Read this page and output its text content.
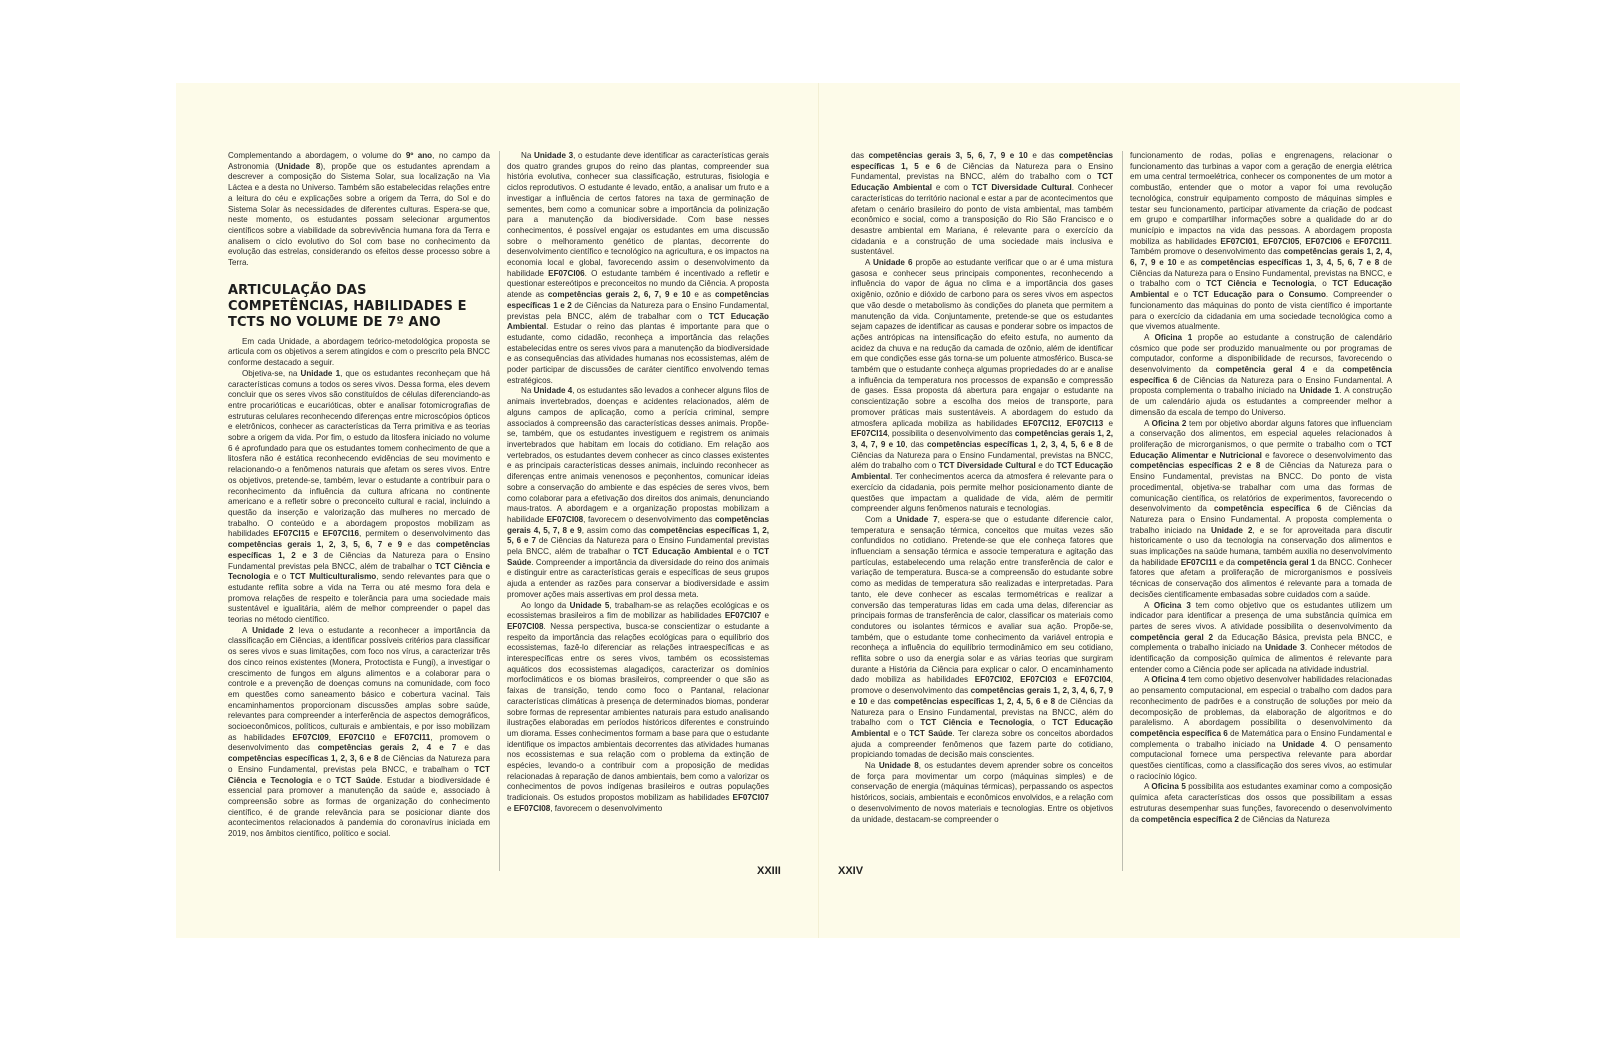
Complementando a abordagem, o volume do 9º ano, no campo da Astronomia (Unidade 8), propõe que os estudantes aprendam a descrever a composição do Sistema Solar, sua localização na Via Láctea e a desta no Universo. Também são estabelecidas relações entre a leitura do céu e explicações sobre a origem da Terra, do Sol e do Sistema Solar às necessidades de diferentes culturas. Espera-se que, neste momento, os estudantes possam selecionar argumentos científicos sobre a viabilidade da sobrevivência humana fora da Terra e analisem o ciclo evolutivo do Sol com base no conhecimento da evolução das estrelas, considerando os efeitos desse processo sobre a Terra.

ARTICULAÇÃO DAS COMPETÊNCIAS, HABILIDADES E TCTS NO VOLUME DE 7º ANO

Em cada Unidade, a abordagem teórico-metodológica proposta se articula com os objetivos a serem atingidos e com o prescrito pela BNCC conforme destacado a seguir.

Objetiva-se, na Unidade 1, que os estudantes reconheçam que há características comuns a todos os seres vivos. Dessa forma, eles devem concluir que os seres vivos são constituídos de células diferenciando-as entre procarióticas e eucarióticas, obter e analisar fotomicrografias de estruturas celulares reconhecendo diferenças entre microscópios ópticos e eletrônicos, conhecer as características da Terra primitiva e as teorias sobre a origem da vida. Por fim, o estudo da litosfera iniciado no volume 6 é aprofundado para que os estudantes tomem conhecimento de que a litosfera não é estática reconhecendo evidências de seu movimento e relacionando-o a fenômenos naturais que afetam os seres vivos. Entre os objetivos, pretende-se, também, levar o estudante a contribuir para o reconhecimento da influência da cultura africana no continente americano e a refletir sobre o preconceito cultural e racial, incluindo a questão da inserção e valorização das mulheres no mercado de trabalho. O conteúdo e a abordagem propostos mobilizam as habilidades EF07CI15 e EF07CI16, permitem o desenvolvimento das competências gerais 1, 2, 3, 5, 6, 7 e 9 e das competências específicas 1, 2 e 3 de Ciências da Natureza para o Ensino Fundamental previstas pela BNCC, além de trabalhar o TCT Ciência e Tecnologia e o TCT Multiculturalismo, sendo relevantes para que o estudante reflita sobre a vida na Terra ou até mesmo fora dela e promova relações de respeito e tolerância para uma sociedade mais sustentável e igualitária, além de melhor compreender o papel das teorias no método científico.

A Unidade 2 leva o estudante a reconhecer a importância da classificação em Ciências, a identificar possíveis critérios para classificar os seres vivos e suas limitações, com foco nos vírus, a caracterizar três dos cinco reinos existentes (Monera, Protoctista e Fungi), a investigar o crescimento de fungos em alguns alimentos e a colaborar para o controle e a prevenção de doenças comuns na comunidade, com foco em questões como saneamento básico e cobertura vacinal. Tais encaminhamentos proporcionam discussões amplas sobre saúde, relevantes para compreender a interferência de aspectos demográficos, socioeconômicos, políticos, culturais e ambientais, e por isso mobilizam as habilidades EF07CI09, EF07CI10 e EF07CI11, promovem o desenvolvimento das competências gerais 2, 4 e 7 e das competências específicas 1, 2, 3, 6 e 8 de Ciências da Natureza para o Ensino Fundamental, previstas pela BNCC, e trabalham o TCT Ciência e Tecnologia e o TCT Saúde. Estudar a biodiversidade é essencial para promover a manutenção da saúde e, associado à compreensão sobre as formas de organização do conhecimento científico, é de grande relevância para se posicionar diante dos acontecimentos relacionados à pandemia do coronavírus iniciada em 2019, nos âmbitos científico, político e social.

Na Unidade 3, o estudante deve identificar as características gerais dos quatro grandes grupos do reino das plantas, compreender sua história evolutiva, conhecer sua classificação, estruturas, fisiologia e ciclos reprodutivos. O estudante é levado, então, a analisar um fruto e a investigar a influência de certos fatores na taxa de germinação de sementes, bem como a comunicar sobre a importância da polinização para a manutenção da biodiversidade. Com base nesses conhecimentos, é possível engajar os estudantes em uma discussão sobre o melhoramento genético de plantas, decorrente do desenvolvimento científico e tecnológico na agricultura, e os impactos na economia local e global, favorecendo assim o desenvolvimento da habilidade EF07CI06. O estudante também é incentivado a refletir e questionar estereótipos e preconceitos no mundo da Ciência. A proposta atende as competências gerais 2, 6, 7, 9 e 10 e as competências específicas 1 e 2 de Ciências da Natureza para o Ensino Fundamental, previstas pela BNCC, além de trabalhar com o TCT Educação Ambiental. Estudar o reino das plantas é importante para que o estudante, como cidadão, reconheça a importância das relações estabelecidas entre os seres vivos para a manutenção da biodiversidade e as consequências das atividades humanas nos ecossistemas, além de poder participar de discussões de caráter científico envolvendo temas estratégicos.

Na Unidade 4, os estudantes são levados a conhecer alguns filos de animais invertebrados, doenças e acidentes relacionados, além de alguns campos de aplicação, como a perícia criminal, sempre associados à compreensão das características desses animais. Propõe-se, também, que os estudantes investiguem e registrem os animais invertebrados que habitam em locais do cotidiano. Em relação aos vertebrados, os estudantes devem conhecer as cinco classes existentes e as principais características desses animais, incluindo reconhecer as diferenças entre animais venenosos e peçonhentos, comunicar ideias sobre a conservação do ambiente e das espécies de seres vivos, bem como colaborar para a efetivação dos direitos dos animais, denunciando maus-tratos. A abordagem e a organização propostas mobilizam a habilidade EF07CI08, favorecem o desenvolvimento das competências gerais 4, 5, 7, 8 e 9, assim como das competências específicas 1, 2, 5, 6 e 7 de Ciências da Natureza para o Ensino Fundamental previstas pela BNCC, além de trabalhar o TCT Educação Ambiental e o TCT Saúde. Compreender a importância da diversidade do reino dos animais e distinguir entre as características gerais e específicas de seus grupos ajuda a entender as razões para conservar a biodiversidade e assim promover ações mais assertivas em prol dessa meta.

Ao longo da Unidade 5, trabalham-se as relações ecológicas e os ecossistemas brasileiros a fim de mobilizar as habilidades EF07CI07 e EF07CI08. Nessa perspectiva, busca-se conscientizar o estudante a respeito da importância das relações ecológicas para o equilíbrio dos ecossistemas, fazê-lo diferenciar as relações intraespecíficas e as interespecíficas entre os seres vivos, também os ecossistemas aquáticos dos ecossistemas alagadiços, caracterizar os domínios morfoclimáticos e os biomas brasileiros, compreender o que são as faixas de transição, tendo como foco o Pantanal, relacionar características climáticas à presença de determinados biomas, ponderar sobre formas de representar ambientes naturais para estudo analisando ilustrações elaboradas em períodos históricos diferentes e construindo um diorama. Esses conhecimentos formam a base para que o estudante identifique os impactos ambientais decorrentes das atividades humanas nos ecossistemas e sua relação com o problema da extinção de espécies, levando-o a contribuir com a proposição de medidas relacionadas à reparação de danos ambientais, bem como a valorizar os conhecimentos de povos indígenas brasileiros e outras populações tradicionais. Os estudos propostos mobilizam as habilidades EF07CI07 e EF07CI08, favorecem o desenvolvimento

das competências gerais 3, 5, 6, 7, 9 e 10 e das competências específicas 1, 5 e 6 de Ciências da Natureza para o Ensino Fundamental, previstas na BNCC, além do trabalho com o TCT Educação Ambiental e com o TCT Diversidade Cultural. Conhecer características do território nacional e estar a par de acontecimentos que afetam o cenário brasileiro do ponto de vista ambiental, mas também econômico e social, como a transposição do Rio São Francisco e o desastre ambiental em Mariana, é relevante para o exercício da cidadania e a construção de uma sociedade mais inclusiva e sustentável.

A Unidade 6 propõe ao estudante verificar que o ar é uma mistura gasosa e conhecer seus principais componentes, reconhecendo a influência do vapor de água no clima e a importância dos gases oxigênio, ozônio e dióxido de carbono para os seres vivos em aspectos que vão desde o metabolismo às condições do planeta que permitem a manutenção da vida. Conjuntamente, pretende-se que os estudantes sejam capazes de identificar as causas e ponderar sobre os impactos de ações antrópicas na intensificação do efeito estufa, no aumento da acidez da chuva e na redução da camada de ozônio, além de identificar em que condições esse gás torna-se um poluente atmosférico. Busca-se também que o estudante conheça algumas propriedades do ar e analise a influência da temperatura nos processos de expansão e compressão de gases. Essa proposta dá abertura para engajar o estudante na conscientização sobre a escolha dos meios de transporte, para promover práticas mais sustentáveis. A abordagem do estudo da atmosfera aplicada mobiliza as habilidades EF07CI12, EF07CI13 e EF07CI14, possibilita o desenvolvimento das competências gerais 1, 2, 3, 4, 7, 9 e 10, das competências específicas 1, 2, 3, 4, 5, 6 e 8 de Ciências da Natureza para o Ensino Fundamental, previstas na BNCC, além do trabalho com o TCT Diversidade Cultural e do TCT Educação Ambiental. Ter conhecimentos acerca da atmosfera é relevante para o exercício da cidadania, pois permite melhor posicionamento diante de questões que impactam a qualidade de vida, além de permitir compreender alguns fenômenos naturais e tecnologias.

Com a Unidade 7, espera-se que o estudante diferencie calor, temperatura e sensação térmica, conceitos que muitas vezes são confundidos no cotidiano. Pretende-se que ele conheça fatores que influenciam a sensação térmica e associe temperatura e agitação das partículas, estabelecendo uma relação entre transferência de calor e variação de temperatura. Busca-se a compreensão do estudante sobre como as medidas de temperatura são realizadas e interpretadas. Para tanto, ele deve conhecer as escalas termométricas e realizar a conversão das temperaturas lidas em cada uma delas, diferenciar as principais formas de transferência de calor, classificar os materiais como condutores ou isolantes térmicos e avaliar sua ação. Propõe-se, também, que o estudante tome conhecimento da variável entropia e reconheça a influência do equilíbrio termodinâmico em seu cotidiano, reflita sobre o uso da energia solar e as várias teorias que surgiram durante a História da Ciência para explicar o calor. O encaminhamento dado mobiliza as habilidades EF07CI02, EF07CI03 e EF07CI04, promove o desenvolvimento das competências gerais 1, 2, 3, 4, 6, 7, 9 e 10 e das competências específicas 1, 2, 4, 5, 6 e 8 de Ciências da Natureza para o Ensino Fundamental, previstas na BNCC, além do trabalho com o TCT Ciência e Tecnologia, o TCT Educação Ambiental e o TCT Saúde. Ter clareza sobre os conceitos abordados ajuda a compreender fenômenos que fazem parte do cotidiano, propiciando tomadas de decisão mais conscientes.

Na Unidade 8, os estudantes devem aprender sobre os conceitos de força para movimentar um corpo (máquinas simples) e de conservação de energia (máquinas térmicas), perpassando os aspectos históricos, sociais, ambientais e econômicos envolvidos, e a relação com o desenvolvimento de novos materiais e tecnologias. Entre os objetivos da unidade, destacam-se compreender o

funcionamento de rodas, polias e engrenagens, relacionar o funcionamento das turbinas a vapor com a geração de energia elétrica em uma central termoelétrica, conhecer os componentes de um motor a combustão, entender que o motor a vapor foi uma revolução tecnológica, construir equipamento composto de máquinas simples e testar seu funcionamento, participar ativamente da criação de podcast em grupo e compartilhar informações sobre a qualidade do ar do município e impactos na vida das pessoas. A abordagem proposta mobiliza as habilidades EF07CI01, EF07CI05, EF07CI06 e EF07CI11. Também promove o desenvolvimento das competências gerais 1, 2, 4, 6, 7, 9 e 10 e as competências específicas 1, 3, 4, 5, 6, 7 e 8 de Ciências da Natureza para o Ensino Fundamental, previstas na BNCC, e o trabalho com o TCT Ciência e Tecnologia, o TCT Educação Ambiental e o TCT Educação para o Consumo. Compreender o funcionamento das máquinas do ponto de vista científico é importante para o exercício da cidadania em uma sociedade tecnológica como a que vivemos atualmente.

A Oficina 1 propõe ao estudante a construção de calendário cósmico que pode ser produzido manualmente ou por programas de computador, conforme a disponibilidade de recursos, favorecendo o desenvolvimento da competência geral 4 e da competência específica 6 de Ciências da Natureza para o Ensino Fundamental. A proposta complementa o trabalho iniciado na Unidade 1. A construção de um calendário ajuda os estudantes a compreender melhor a dimensão da escala de tempo do Universo.

A Oficina 2 tem por objetivo abordar alguns fatores que influenciam a conservação dos alimentos, em especial aqueles relacionados à proliferação de microrganismos, o que permite o trabalho com o TCT Educação Alimentar e Nutricional e favorece o desenvolvimento das competências específicas 2 e 8 de Ciências da Natureza para o Ensino Fundamental, previstas na BNCC. Do ponto de vista procedimental, objetiva-se trabalhar com uma das formas de comunicação científica, os relatórios de experimentos, favorecendo o desenvolvimento da competência específica 6 de Ciências da Natureza para o Ensino Fundamental. A proposta complementa o trabalho iniciado na Unidade 2, e se for aproveitada para discutir historicamente o uso da tecnologia na conservação dos alimentos e suas implicações na saúde humana, também auxilia no desenvolvimento da habilidade EF07CI11 e da competência geral 1 da BNCC. Conhecer fatores que afetam a proliferação de microrganismos e possíveis técnicas de conservação dos alimentos é relevante para a tomada de decisões cientificamente embasadas sobre cuidados com a saúde.

A Oficina 3 tem como objetivo que os estudantes utilizem um indicador para identificar a presença de uma substância química em partes de seres vivos. A atividade possibilita o desenvolvimento da competência geral 2 da Educação Básica, prevista pela BNCC, e complementa o trabalho iniciado na Unidade 3. Conhecer métodos de identificação da composição química de alimentos é relevante para entender como a Ciência pode ser aplicada na atividade industrial.

A Oficina 4 tem como objetivo desenvolver habilidades relacionadas ao pensamento computacional, em especial o trabalho com dados para reconhecimento de padrões e a construção de soluções por meio da decomposição de problemas, da elaboração de algoritmos e do paralelismo. A abordagem possibilita o desenvolvimento da competência específica 6 de Matemática para o Ensino Fundamental e complementa o trabalho iniciado na Unidade 4. O pensamento computacional fornece uma perspectiva relevante para abordar questões científicas, como a classificação dos seres vivos, ao estimular o raciocínio lógico.

A Oficina 5 possibilita aos estudantes examinar como a composição química afeta características dos ossos que possibilitam a essas estruturas desempenhar suas funções, favorecendo o desenvolvimento da competência específica 2 de Ciências da Natureza

XXIII	XXIV
